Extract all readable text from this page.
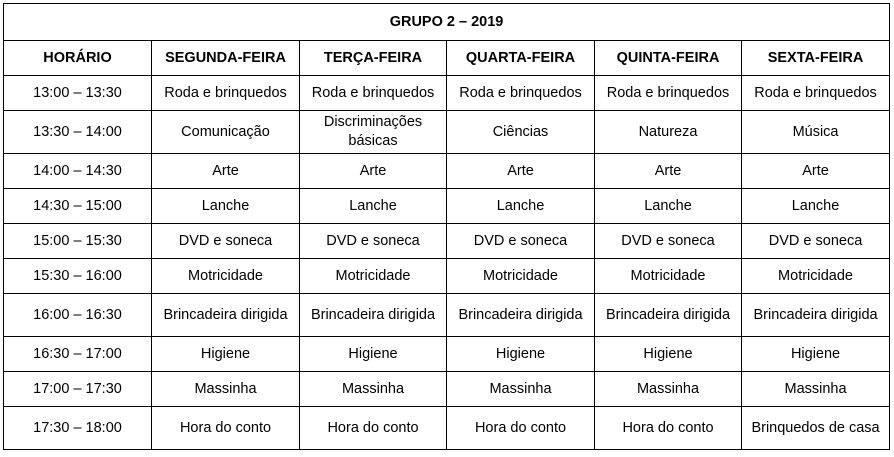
GRUPO 2 – 2019					
HORÁRIO	SEGUNDA-FEIRA	TERÇA-FEIRA	QUARTA-FEIRA	QUINTA-FEIRA	SEXTA-FEIRA
13:00 – 13:30	Roda e brinquedos	Roda e brinquedos	Roda e brinquedos	Roda e brinquedos	Roda e brinquedos
13:30 – 14:00	Comunicação	Discriminações básicas	Ciências	Natureza	Música
14:00 – 14:30	Arte	Arte	Arte	Arte	Arte
14:30 – 15:00	Lanche	Lanche	Lanche	Lanche	Lanche
15:00 – 15:30	DVD e soneca	DVD e soneca	DVD e soneca	DVD e soneca	DVD e soneca
15:30 – 16:00	Motricidade	Motricidade	Motricidade	Motricidade	Motricidade
16:00 – 16:30	Brincadeira dirigida	Brincadeira dirigida	Brincadeira dirigida	Brincadeira dirigida	Brincadeira dirigida
16:30 – 17:00	Higiene	Higiene	Higiene	Higiene	Higiene
17:00 – 17:30	Massinha	Massinha	Massinha	Massinha	Massinha
17:30 – 18:00	Hora do conto	Hora do conto	Hora do conto	Hora do conto	Brinquedos de casa
